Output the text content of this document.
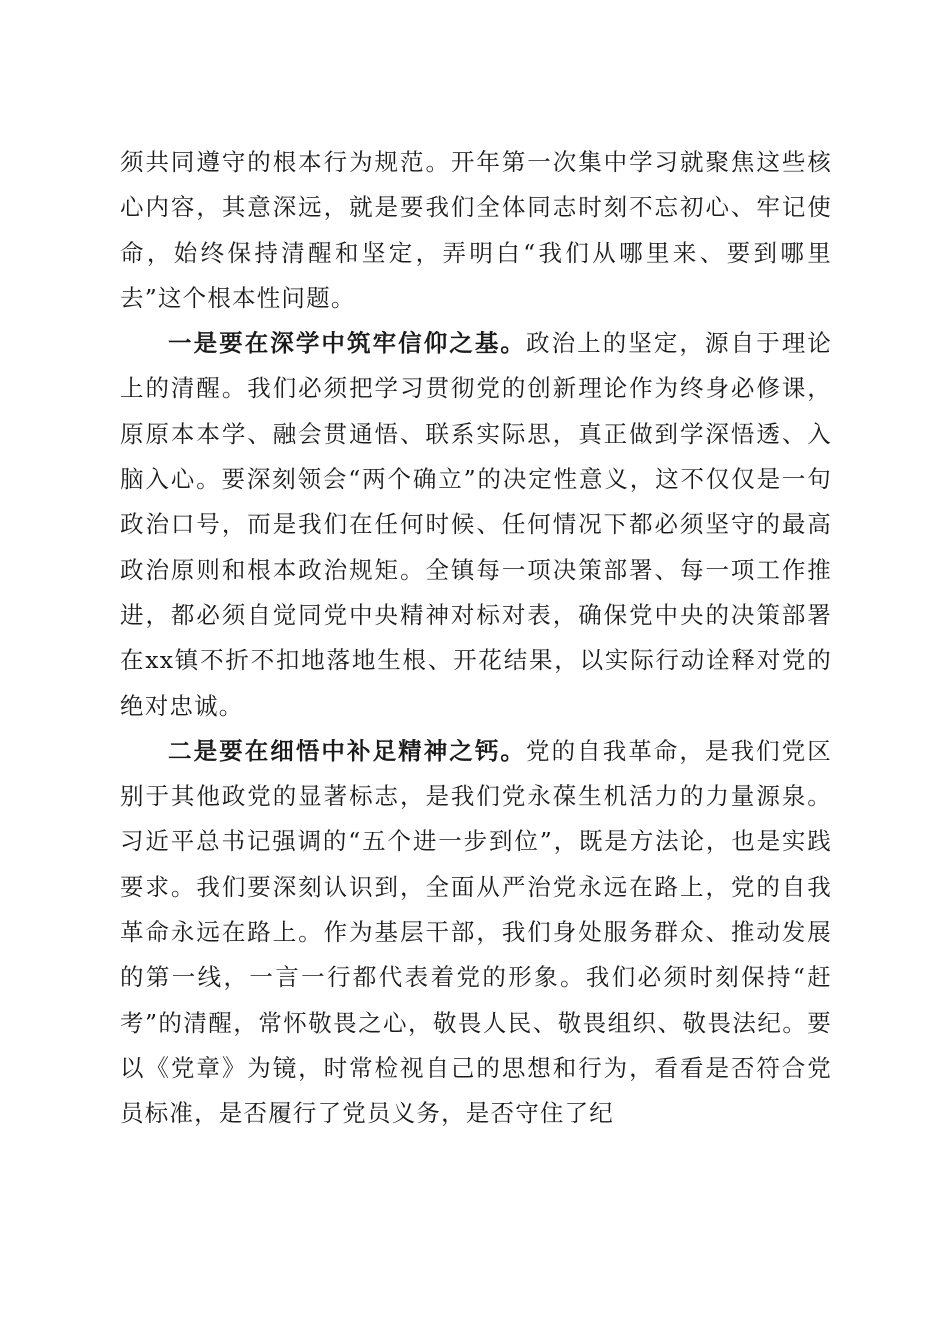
须共同遵守的根本行为规范。开年第一次集中学习就聚焦这些核心内容，其意深远，就是要我们全体同志时刻不忘初心、牢记使命，始终保持清醒和坚定，弄明白“我们从哪里来、要到哪里去”这个根本性问题。

一是要在深学中筑牢信仰之基。政治上的坚定，源自于理论上的清醒。我们必须把学习贯彻党的创新理论作为终身必修课，原原本本学、融会贯通悟、联系实际思，真正做到学深悟透、入脑入心。要深刻领会“两个确立”的决定性意义，这不仅仅是一句政治口号，而是我们在任何时候、任何情况下都必须坚守的最高政治原则和根本政治规矩。全镇每一项决策部署、每一项工作推进，都必须自觉同党中央精神对标对表，确保党中央的决策部署在xx镇不折不扣地落地生根、开花结果，以实际行动诠释对党的绝对忠诚。

二是要在细悟中补足精神之钙。党的自我革命，是我们党区别于其他政党的显著标志，是我们党永葆生机活力的力量源泉。习近平总书记强调的“五个进一步到位”，既是方法论，也是实践要求。我们要深刻认识到，全面从严治党永远在路上，党的自我革命永远在路上。作为基层干部，我们身处服务群众、推动发展的第一线，一言一行都代表着党的形象。我们必须时刻保持“赶考”的清醒，常怀敬畏之心，敬畏人民、敬畏组织、敬畏法纪。要以《党章》为镜，时常检视自己的思想和行为，看看是否符合党员标准，是否履行了党员义务，是否守住了纪
